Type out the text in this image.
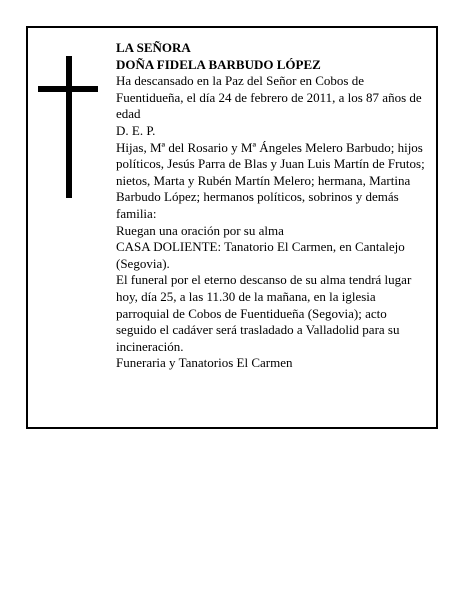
LA SEÑORA

DOÑA FIDELA BARBUDO LÓPEZ

Ha descansado en la Paz del Señor en Cobos de Fuentidueña, el día 24 de febrero de 2011, a los 87 años de edad

D. E. P.

Hijas, Mª del Rosario y Mª Ángeles Melero Barbudo; hijos políticos, Jesús Parra de Blas y Juan Luis Martín de Frutos; nietos, Marta y Rubén Martín Melero; hermana, Martina Barbudo López; hermanos políticos, sobrinos y demás familia:

Ruegan una oración por su alma

CASA DOLIENTE: Tanatorio El Carmen, en Cantalejo (Segovia).

El funeral por el eterno descanso de su alma tendrá lugar hoy, día 25, a las 11.30 de la mañana, en la iglesia parroquial de Cobos de Fuentidueña (Segovia); acto seguido el cadáver será trasladado a Valladolid para su incineración.

Funeraria y Tanatorios El Carmen
